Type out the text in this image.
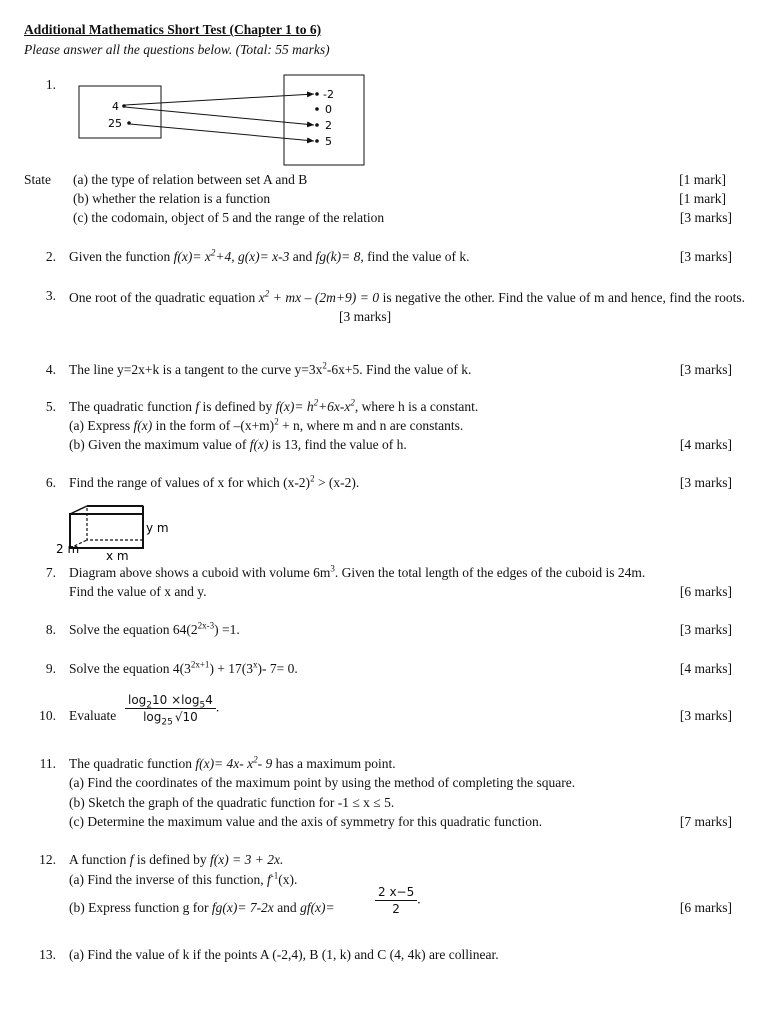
Additional Mathematics Short Test (Chapter 1 to 6)
Please answer all the questions below. (Total: 55 marks)
1.
4
25
-2
0
2
5
State (a) the type of relation between set A and B	[1 mark]
(b) whether the relation is a function	[1 mark]
(c) the codomain, object of 5 and the range of the relation	[3 marks]
2. Given the function $f(x)= x^2+4$, g(x)= x-3 and fg(k)= 8, find the value of k.	[3 marks]
3. One root of the quadratic equation $x^2$ + mx – (2m+9) = 0 is negative the other. Find the value of m and hence, find the roots. [3 marks]
4. The line y=2x+k is a tangent to the curve $y=3x^2-6x+5$. Find the value of k.	[3 marks]
5. The quadratic function f is defined by $f(x)= h^2+6x-x^2$, where h is a constant.
(a) Express f(x) in the form of $-(x+m)^2 + n$, where m and n are constants.
(b) Given the maximum value of f(x) is 13, find the value of h.	[4 marks]
6. Find the range of values of x for which $(x-2)^2 > (x-2)$.	[3 marks]
y m
2 m x m
7. Diagram above shows a cuboid with volume $6m^3$. Given the total length of the edges of the cuboid is 24m.
Find the value of x and y.	[6 marks]
8. Solve the equation $64(2^{2x-3}) =1$.	[3 marks]
9. Solve the equation $4(3^{2x+1}) + 17(3^x)-$ 7= 0.	[4 marks]
10. Evaluate $\frac{\log_210 \times\log_54}{\log_{25} √10}$ .
[3 marks]
11. The quadratic function f(x)= 4x- $x^2-$ 9 has a maximum point.
(a) Find the coordinates of the maximum point by using the method of completing the square.
(b) Sketch the graph of the quadratic function for -1 ≤ x ≤ 5.
(c) Determine the maximum value and the axis of symmetry for this quadratic function.	[7 marks]
12. A function f is defined by f(x) = 3 + 2x.
(a) Find the inverse of this function, $f^{-1}(x)$.
(b) Express function g for fg(x)= 7-2x and gf(x)=	$\frac{2 x-5}{2}$ .
[6 marks]
13. (a) Find the value of k if the points A (-2,4), B (1, k) and C (4, 4k) are collinear.
